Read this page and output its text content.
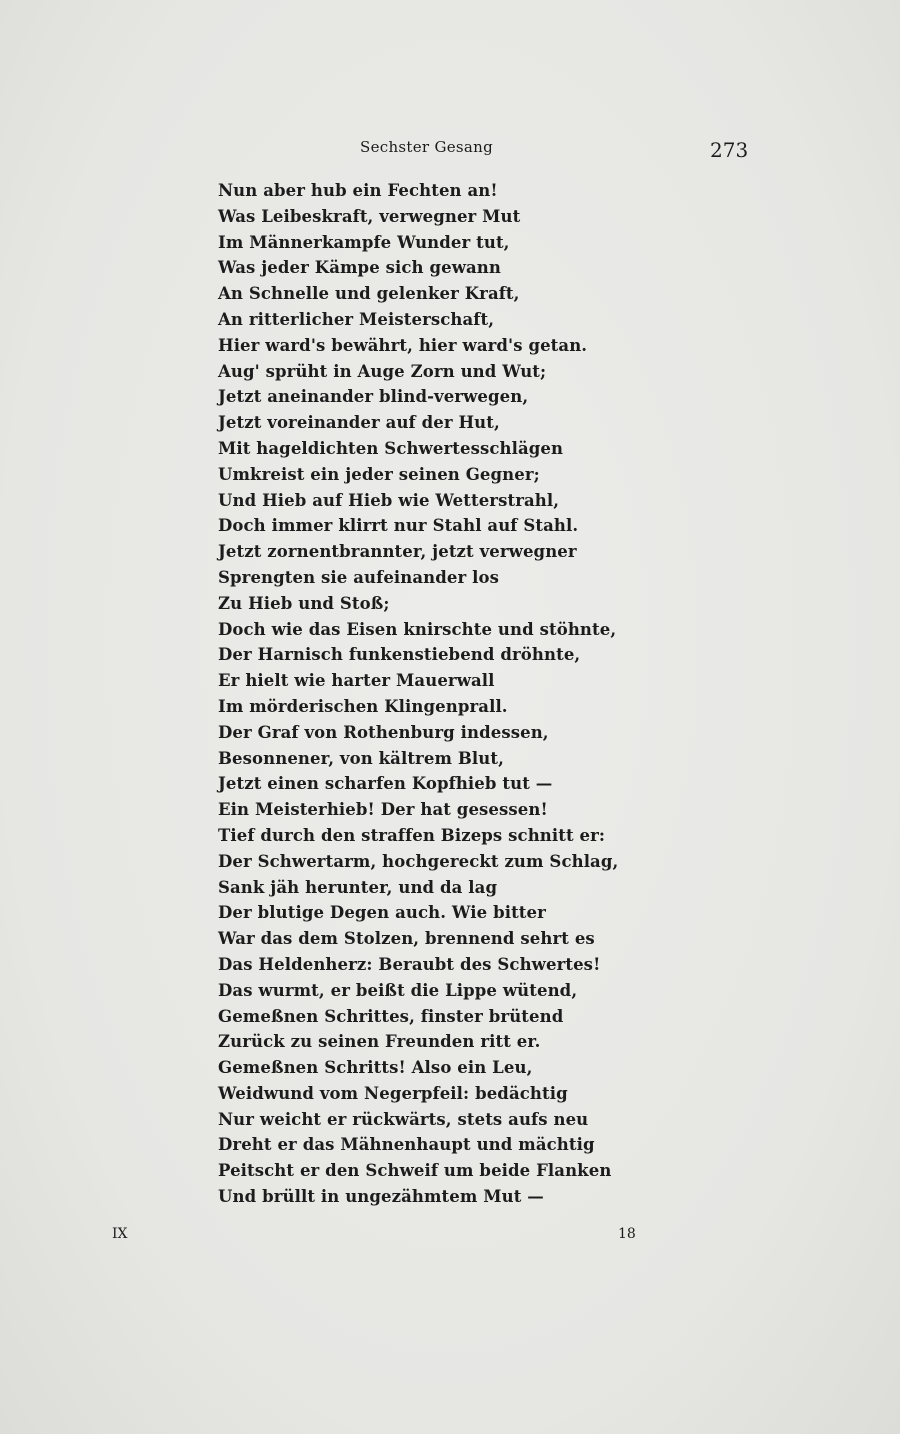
Sechster Gesang	273
Nun aber hub ein Fechten an!
Was Leibeskraft, verwegner Mut
Im Männerkampfe Wunder tut,
Was jeder Kämpe sich gewann
An Schnelle und gelenker Kraft,
An ritterlicher Meisterschaft,
Hier ward's bewährt, hier ward's getan.
Aug' sprüht in Auge Zorn und Wut;
Jetzt aneinander blind-verwegen,
Jetzt voreinander auf der Hut,
Mit hageldichten Schwertesschlägen
Umkreist ein jeder seinen Gegner;
Und Hieb auf Hieb wie Wetterstrahl,
Doch immer klirrt nur Stahl auf Stahl.
Jetzt zornentbrannter, jetzt verwegner
Sprengten sie aufeinander los
Zu Hieb und Stoß;
Doch wie das Eisen knirschte und stöhnte,
Der Harnisch funkenstiebend dröhnte,
Er hielt wie harter Mauerwall
Im mörderischen Klingenprall.
Der Graf von Rothenburg indessen,
Besonnener, von kältrem Blut,
Jetzt einen scharfen Kopfhieb tut —
Ein Meisterhieb! Der hat gesessen!
Tief durch den straffen Bizeps schnitt er:
Der Schwertarm, hochgereckt zum Schlag,
Sank jäh herunter, und da lag
Der blutige Degen auch. Wie bitter
War das dem Stolzen, brennend sehrt es
Das Heldenherz: Beraubt des Schwertes!
Das wurmt, er beißt die Lippe wütend,
Gemeßnen Schrittes, finster brütend
Zurück zu seinen Freunden ritt er.
Gemeßnen Schritts! Also ein Leu,
Weidwund vom Negerpfeil: bedächtig
Nur weicht er rückwärts, stets aufs neu
Dreht er das Mähnenhaupt und mächtig
Peitscht er den Schweif um beide Flanken
Und brüllt in ungezähmtem Mut —
IX	18
